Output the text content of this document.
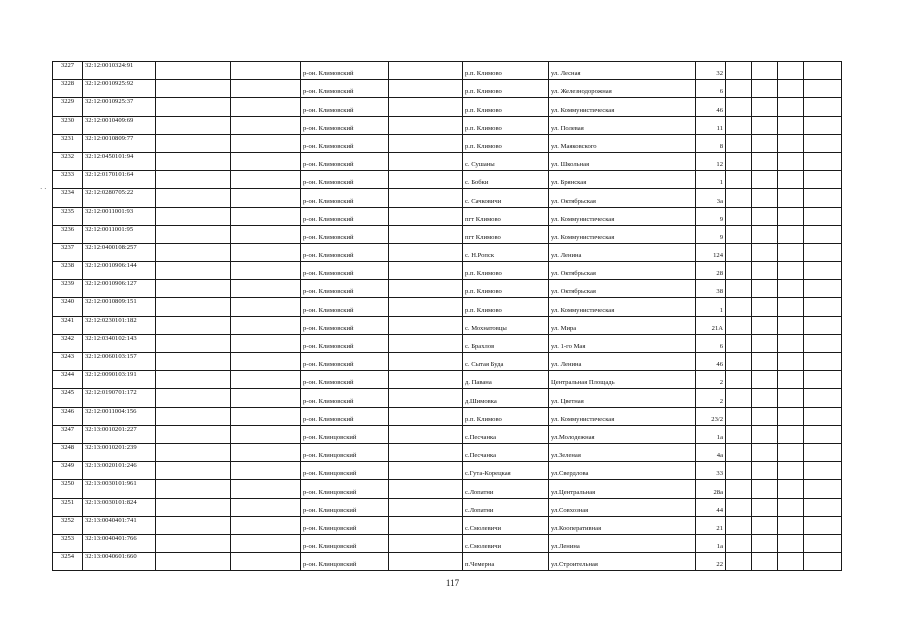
3227	32:12:0010324:91			р-он. Климовский		р.п. Климово	ул. Лесная	32				
3228	32:12:0010925:92			р-он. Климовский		р.п. Климово	ул. Железнодорожная	6				
3229	32:12:0010925:37			р-он. Климовский		р.п. Климово	ул. Коммунистическая	46				
3230	32:12:0010409:69			р-он. Климовский		р.п. Климово	ул. Полевая	11				
3231	32:12:0010809:77			р-он. Климовский		р.п. Климово	ул. Маяковского	8				
3232	32:12:0450101:94			р-он. Климовский		с. Сушаны	ул. Школьная	12				
3233	32:12:0170101:64			р-он. Климовский		с. Бобки	ул. Брянская	1				
3234	32:12:0280705:22			р-он. Климовский		с. Сачковичи	ул. Октябрьская	3а				
3235	32:12:0011001:93			р-он. Климовский		пгт Климово	ул. Коммунистическая	9				
3236	32:12:0011001:95			р-он. Климовский		пгт Климово	ул. Коммунистическая	9				
3237	32:12:0400108:257			р-он. Климовский		с. Н.Ропск	ул. Ленина	124				
3238	32:12:0010906:144			р-он. Климовский		р.п. Климово	ул. Октябрьская	28				
3239	32:12:0010906:127			р-он. Климовский		р.п. Климово	ул. Октябрьская	38				
3240	32:12:0010809:151			р-он. Климовский		р.п. Климово	ул. Коммунистическая	1				
3241	32:12:0230101:182			р-он. Климовский		с. Мохнатовцы	ул. Мира	21А				
3242	32:12:0340102:143			р-он. Климовский		с. Брахлов	ул. 1-го Мая	6				
3243	32:12:0060103:157			р-он. Климовский		с. Сытая Буда	ул. Ленина	46				
3244	32:12:0090103:191			р-он. Климовский		д. Павана	Центральная Площадь	2				
3245	32:12:0190701:172			р-он. Климовский		д.Шимовка	ул. Цветная	2				
3246	32:12:0011004:156			р-он. Климовский		р.п. Климово	ул. Коммунистическая	23/2				
3247	32:13:0010201:227			р-он. Клинцовский		с.Песчанка	ул.Молодежная	1а				
3248	32:13:0010201:239			р-он. Клинцовский		с.Песчанка	ул.Зеленая	4а				
3249	32:13:0020101:246			р-он. Клинцовский		с.Гута-Корецкая	ул.Свердлова	33				
3250	32:13:0030101:961			р-он. Клинцовский		с.Лопатни	ул.Центральная	28а				
3251	32:13:0030101:824			р-он. Клинцовский		с.Лопатни	ул.Совхозная	44				
3252	32:13:0040401:741			р-он. Клинцовский		с.Смолевичи	ул.Кооперативная	21				
3253	32:13:0040401:766			р-он. Клинцовский		с.Смолевичи	ул.Ленина	1а				
3254	32:13:0040601:660			р-он. Клинцовский		п.Чемерна	ул.Строительная	22				
· ·
117
